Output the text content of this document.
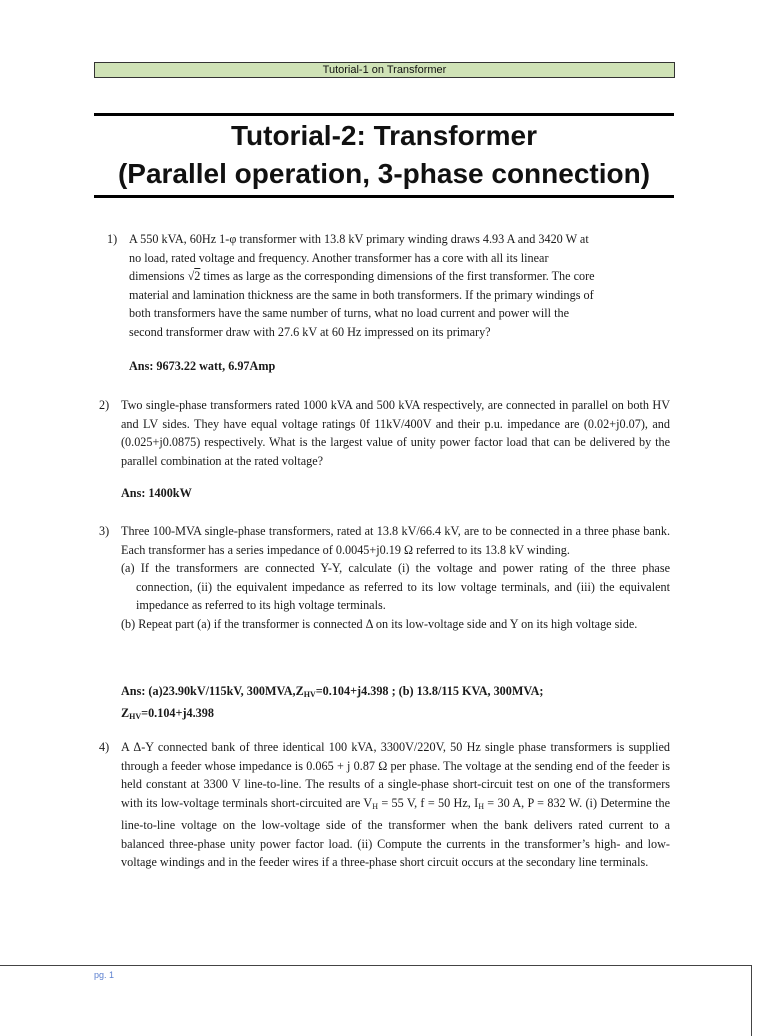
Tutorial-1 on Transformer
Tutorial-2: Transformer
(Parallel operation, 3-phase connection)
1) A 550 kVA, 60Hz 1-φ transformer with 13.8 kV primary winding draws 4.93 A and 3420 W at
no load, rated voltage and frequency. Another transformer has a core with all its linear
dimensions √2 times as large as the corresponding dimensions of the first transformer. The core
material and lamination thickness are the same in both transformers. If the primary windings of
both transformers have the same number of turns, what no load current and power will the
second transformer draw with 27.6 kV at 60 Hz impressed on its primary?
Ans: 9673.22 watt, 6.97Amp
2) Two single-phase transformers rated 1000 kVA and 500 kVA respectively, are connected in parallel on both HV and LV sides. They have equal voltage ratings 0f 11kV/400V and their p.u. impedance are (0.02+j0.07), and (0.025+j0.0875) respectively. What is the largest value of unity power factor load that can be delivered by the parallel combination at the rated voltage?
Ans: 1400kW
3) Three 100-MVA single-phase transformers, rated at 13.8 kV/66.4 kV, are to be connected in a three phase bank. Each transformer has a series impedance of 0.0045+j0.19 Ω referred to its 13.8 kV winding.
(a) If the transformers are connected Y-Y, calculate (i) the voltage and power rating of the three phase connection, (ii) the equivalent impedance as referred to its low voltage terminals, and (iii) the equivalent impedance as referred to its high voltage terminals.
(b) Repeat part (a) if the transformer is connected Δ on its low-voltage side and Y on its high voltage side.
Ans: (a)23.90kV/115kV, $300MVA,Z_{HV}=0.104+j4.398$ ; (b) 13.8/115 KVA, 300MVA;
$Z_{HV}=0.104+j4.398$
4) A Δ-Y connected bank of three identical 100 kVA, 3300V/220V, 50 Hz single phase transformers is supplied through a feeder whose impedance is 0.065 + j 0.87 Ω per phase. The voltage at the sending end of the feeder is held constant at 3300 V line-to-line. The results of a single-phase short-circuit test on one of the transformers with its low-voltage terminals short-circuited are $V_H = 55$ V, f = 50 Hz, $I_H = 30$ A, P = 832 W. (i) Determine the line-to-line voltage on the low-voltage side of the transformer when the bank delivers rated current to a balanced three-phase unity power factor load. (ii) Compute the currents in the transformer’s high- and low-voltage windings and in the feeder wires if a three-phase short circuit occurs at the secondary line terminals.
pg. 1
